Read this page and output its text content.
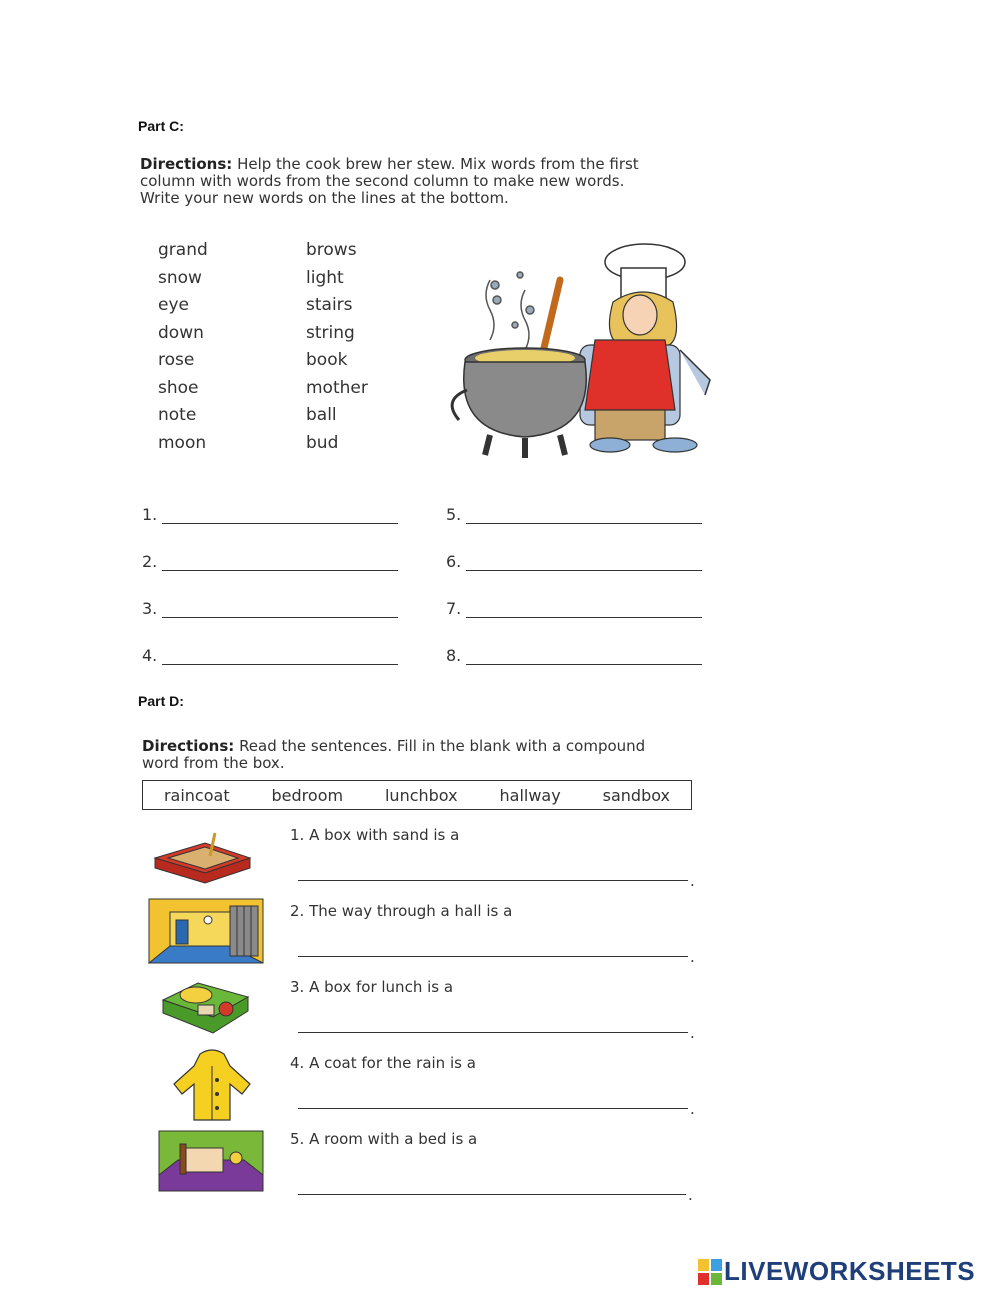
Part C:
Directions: Help the cook brew her stew. Mix words from the first
column with words from the second column to make new words.
Write your new words on the lines at the bottom.
grand
snow
eye
down
rose
shoe
note
moon
brows
light
stairs
string
book
mother
ball
bud
1.
2.
3.
4.
5.
6.
7.
8.
Part D:
Directions: Read the sentences. Fill in the blank with a compound
word from the box.
raincoat	bedroom	lunchbox	hallway	sandbox
1. A box with sand is a
.
2. The way through a hall is a
.
3. A box for lunch is a
.
4. A coat for the rain is a
.
5. A room with a bed is a
.
LIVEWORKSHEETS
